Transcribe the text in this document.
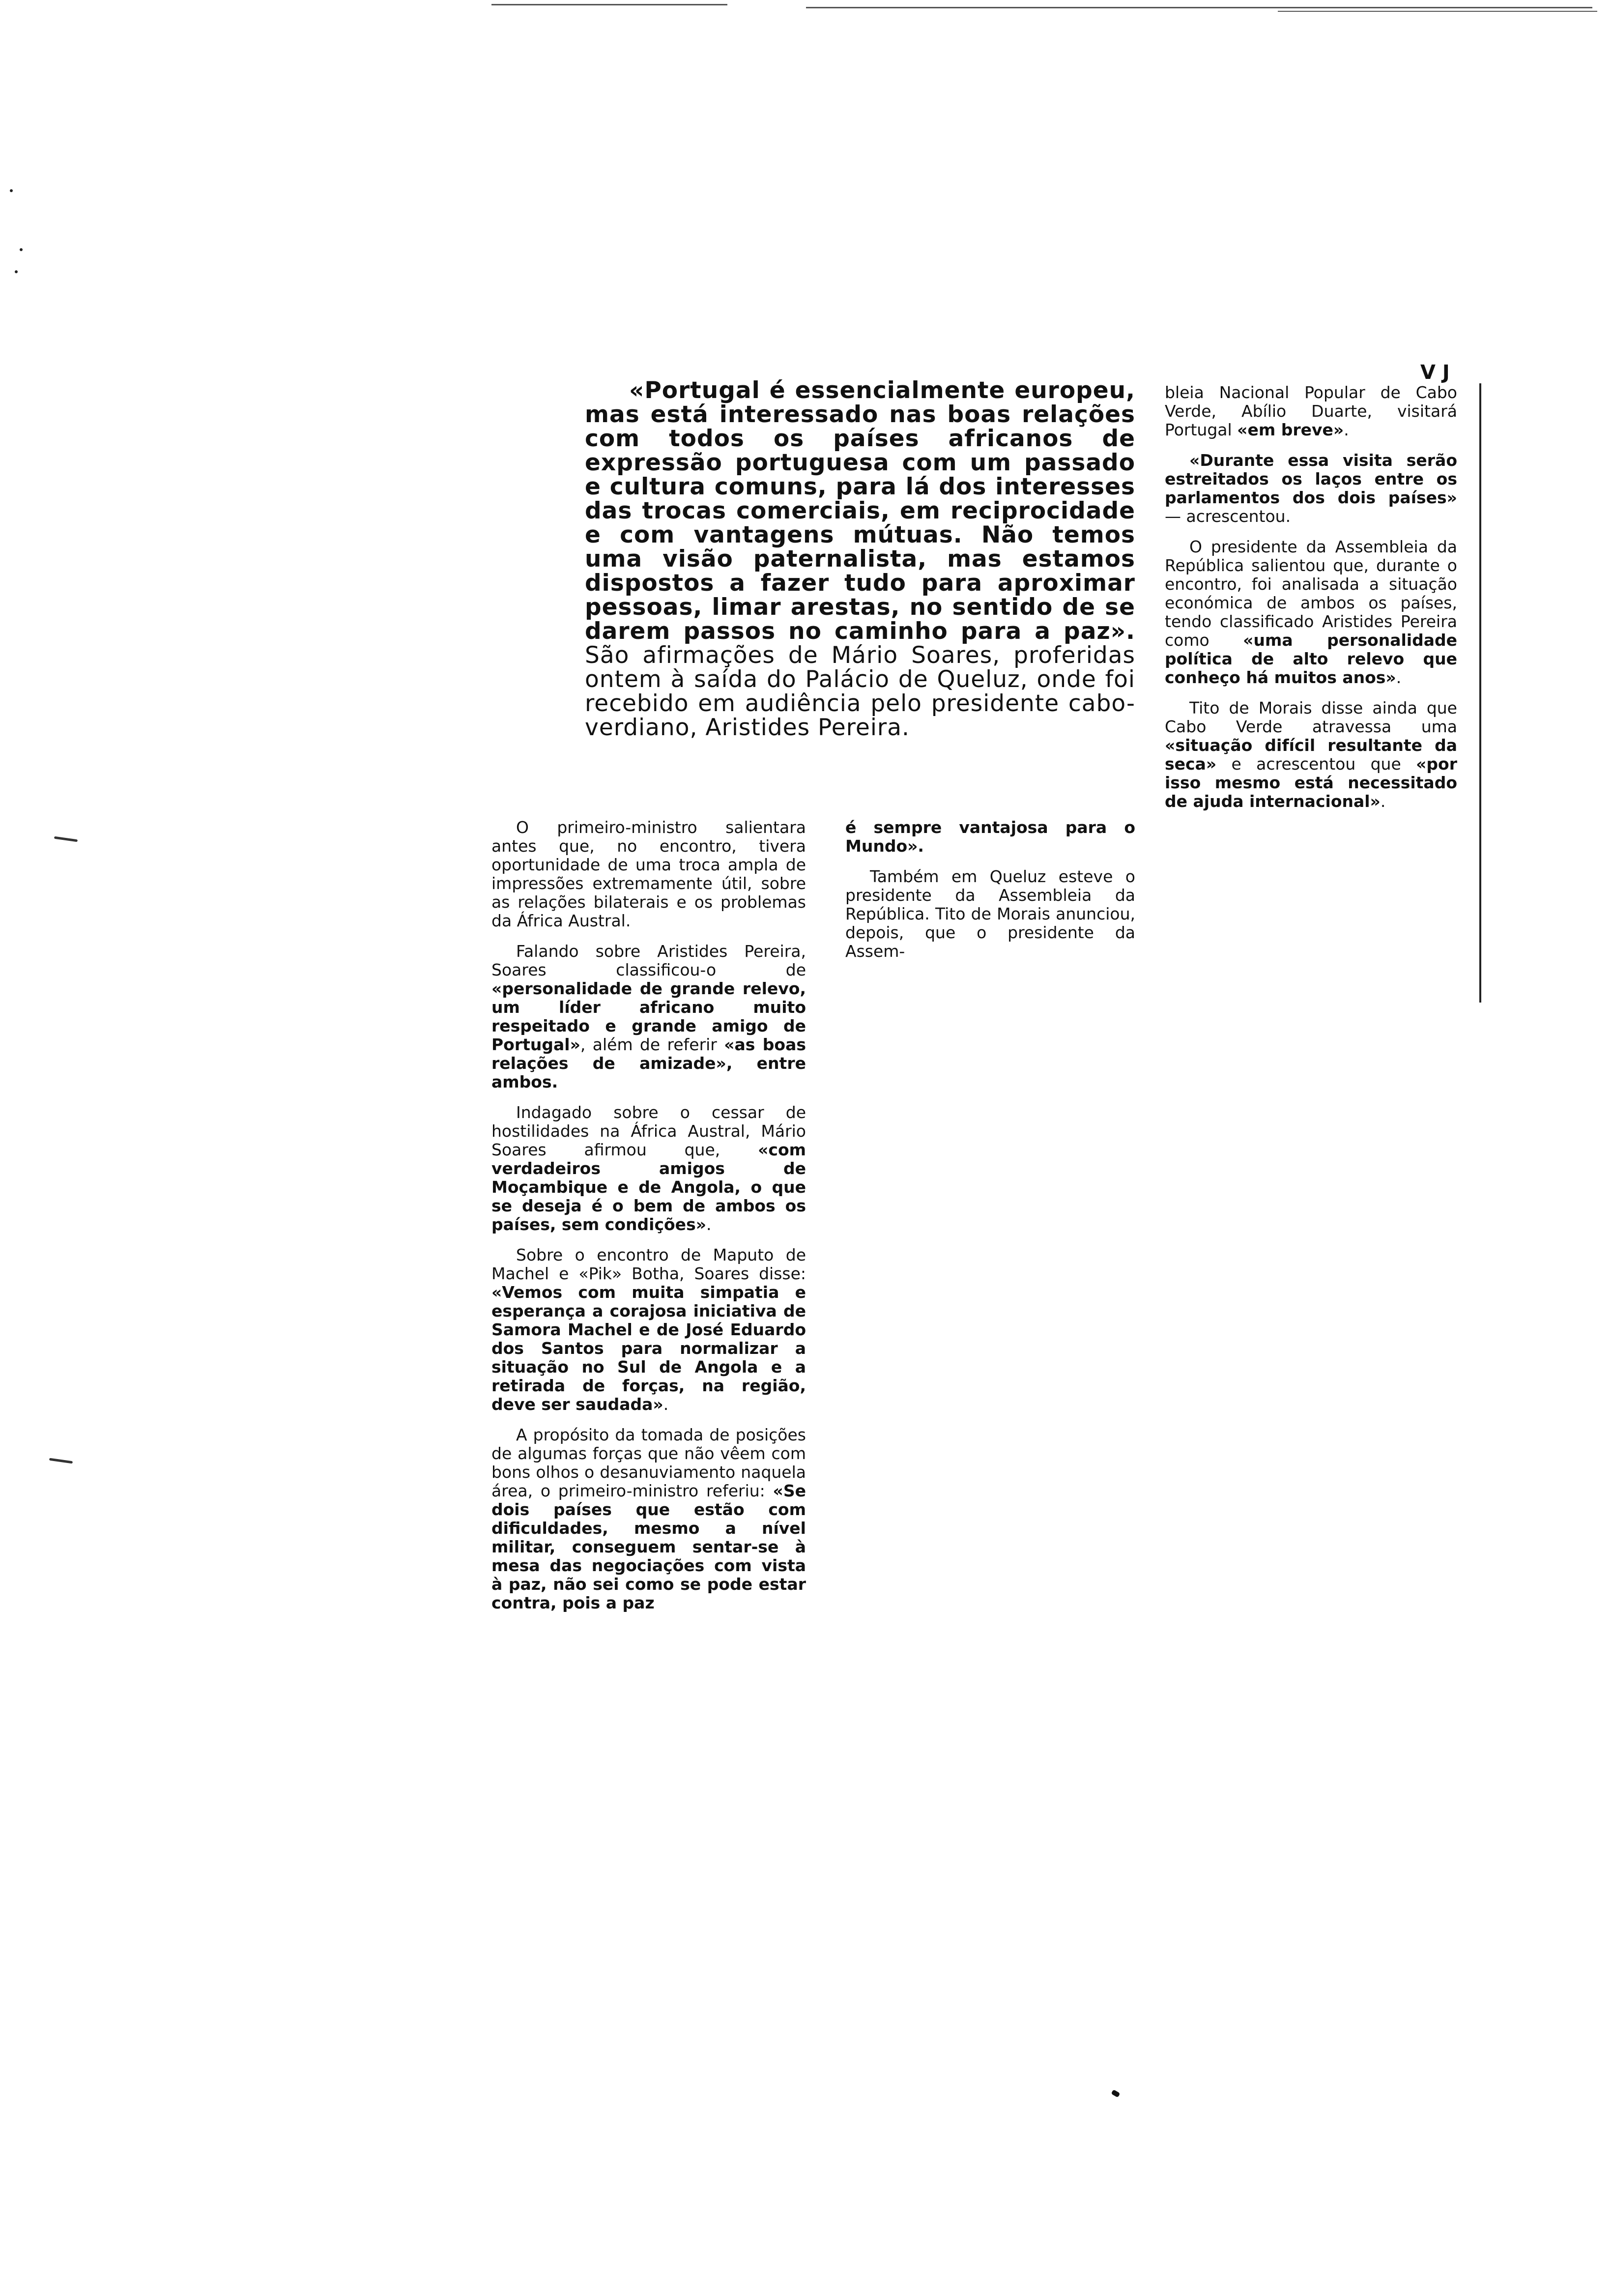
V J

«Portugal é essencialmente europeu, mas está interessado nas boas relações com todos os países africanos de expressão portuguesa com um passado e cultura comuns, para lá dos interesses das trocas comerciais, em reciprocidade e com vantagens mútuas. Não temos uma visão paternalista, mas estamos dispostos a fazer tudo para aproximar pessoas, limar arestas, no sentido de se darem passos no caminho para a paz». São afirmações de Mário Soares, proferidas ontem à saída do Palácio de Queluz, onde foi recebido em audiência pelo presidente cabo-verdiano, Aristides Pereira.

O primeiro-ministro salientara antes que, no encontro, tivera oportunidade de uma troca ampla de impressões extremamente útil, sobre as relações bilaterais e os problemas da África Austral.

Falando sobre Aristides Pereira, Soares classificou-o de «personalidade de grande relevo, um líder africano muito respeitado e grande amigo de Portugal», além de referir «as boas relações de amizade», entre ambos.

Indagado sobre o cessar de hostilidades na África Austral, Mário Soares afirmou que, «com verdadeiros amigos de Moçambique e de Angola, o que se deseja é o bem de ambos os países, sem condições».

Sobre o encontro de Maputo de Machel e «Pik» Botha, Soares disse: «Vemos com muita simpatia e esperança a corajosa iniciativa de Samora Machel e de José Eduardo dos Santos para normalizar a situação no Sul de Angola e a retirada de forças, na região, deve ser saudada».

A propósito da tomada de posições de algumas forças que não vêem com bons olhos o desanuviamento naquela área, o primeiro-ministro referiu: «Se dois países que estão com dificuldades, mesmo a nível militar, conseguem sentar-se à mesa das negociações com vista à paz, não sei como se pode estar contra, pois a paz

é sempre vantajosa para o Mundo».

Também em Queluz esteve o presidente da Assembleia da República. Tito de Morais anunciou, depois, que o presidente da Assem-

bleia Nacional Popular de Cabo Verde, Abílio Duarte, visitará Portugal «em breve».

«Durante essa visita serão estreitados os laços entre os parlamentos dos dois países» — acrescentou.

O presidente da Assembleia da República salientou que, durante o encontro, foi analisada a situação económica de ambos os países, tendo classificado Aristides Pereira como «uma personalidade política de alto relevo que conheço há muitos anos».

Tito de Morais disse ainda que Cabo Verde atravessa uma «situação difícil resultante da seca» e acrescentou que «por isso mesmo está necessitado de ajuda internacional».
